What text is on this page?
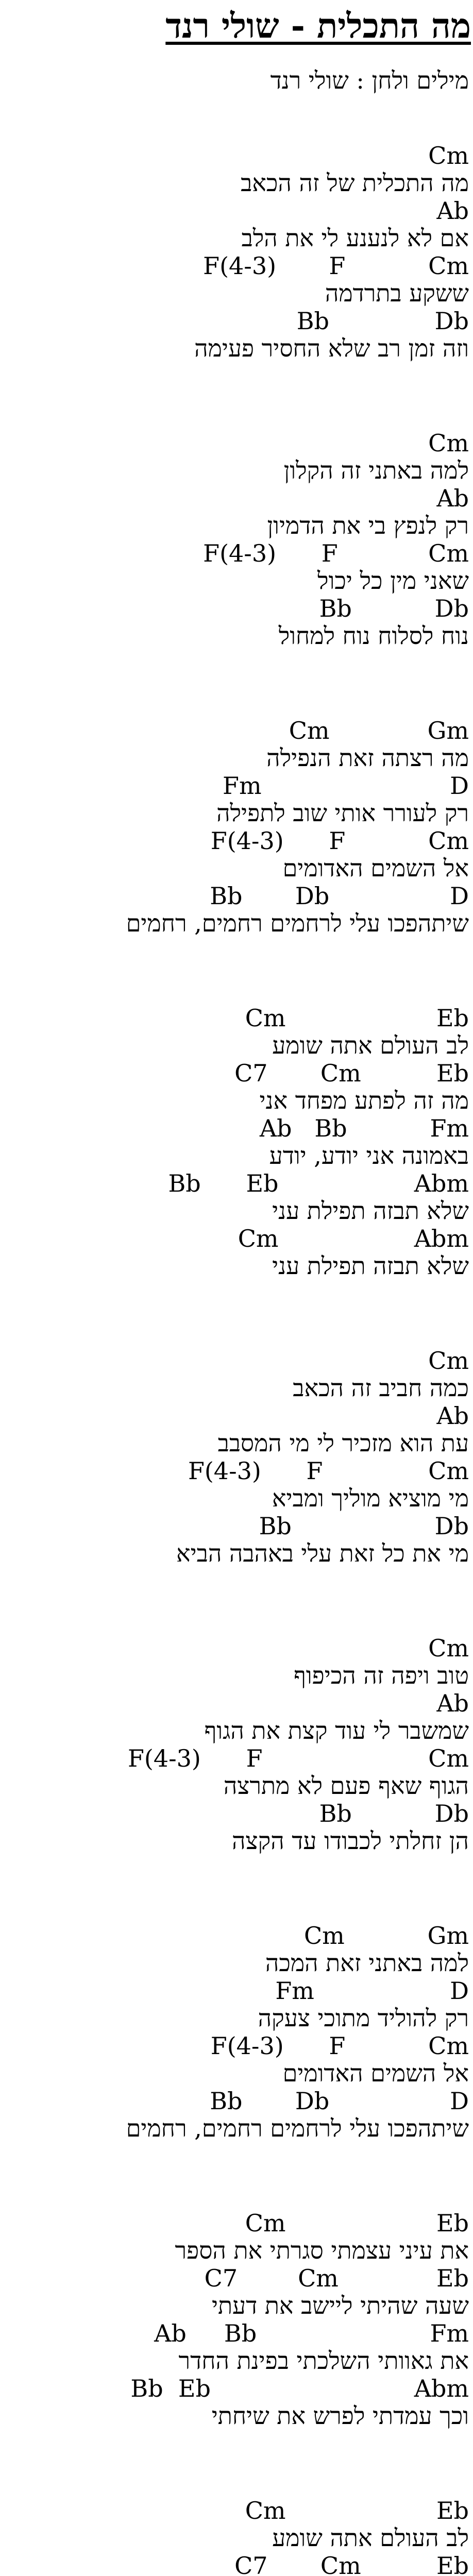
מה התכלית - שולי רנד
מילים ולחן : שולי רנד
Cm
מה התכלית של זה הכאב
Ab
אם לא לנענע לי את הלב
F(4-3)       F           Cm
ששקע בתרדמה
Bb              Db
וזה זמן רב שלא החסיר פעימה
Cm
למה באתני זה הקלון
Ab
רק לנפץ בי את הדמיון
F(4-3)      F            Cm
שאני מין כל יכול
Bb           Db
נוח לסלוח נוח למחול
Cm             Gm
מה רצתה זאת הנפילה
Fm                         D
רק לעורר אותי שוב לתפילה
F(4-3)      F           Cm
אל השמים האדומים
Bb       Db                D
שיתהפכו עלי לרחמים רחמים, רחמים
Cm                    Eb
לב העולם אתה שומע
C7       Cm          Eb
מה זה לפתע מפחד אני
Ab   Bb           Fm
באמונה אני יודע, יודע
Bb      Eb                  Abm
שלא תבזה תפילת עני
Cm                  Abm
שלא תבזה תפילת עני
Cm
כמה חביב זה הכאב
Ab
עת הוא מזכיר לי מי המסבב
F(4-3)      F              Cm
מי מוציא מוליך ומביא
Bb                   Db
מי את כל זאת עלי באהבה הביא
Cm
טוב ויפה זה הכיפוף
Ab
שמשבר לי עוד קצת את הגוף
F(4-3)      F                      Cm
הגוף שאף פעם לא מתרצה
Bb           Db
הן זחלתי לכבודו עד הקצה
Cm           Gm
למה באתני זאת המכה
Fm                  D
רק להוליד מתוכי צעקה
F(4-3)      F           Cm
אל השמים האדומים
Bb       Db                D
שיתהפכו עלי לרחמים רחמים, רחמים
Cm                    Eb
את עיני עצמתי סגרתי את הספר
C7        Cm             Eb
שעה שהיתי ליישב את דעתי
Ab     Bb                       Fm
את גאוותי השלכתי בפינת החדר
Bb  Eb                           Abm
וכך עמדתי לפרש את שיחתי
Cm                    Eb
לב העולם אתה שומע
C7       Cm          Eb
